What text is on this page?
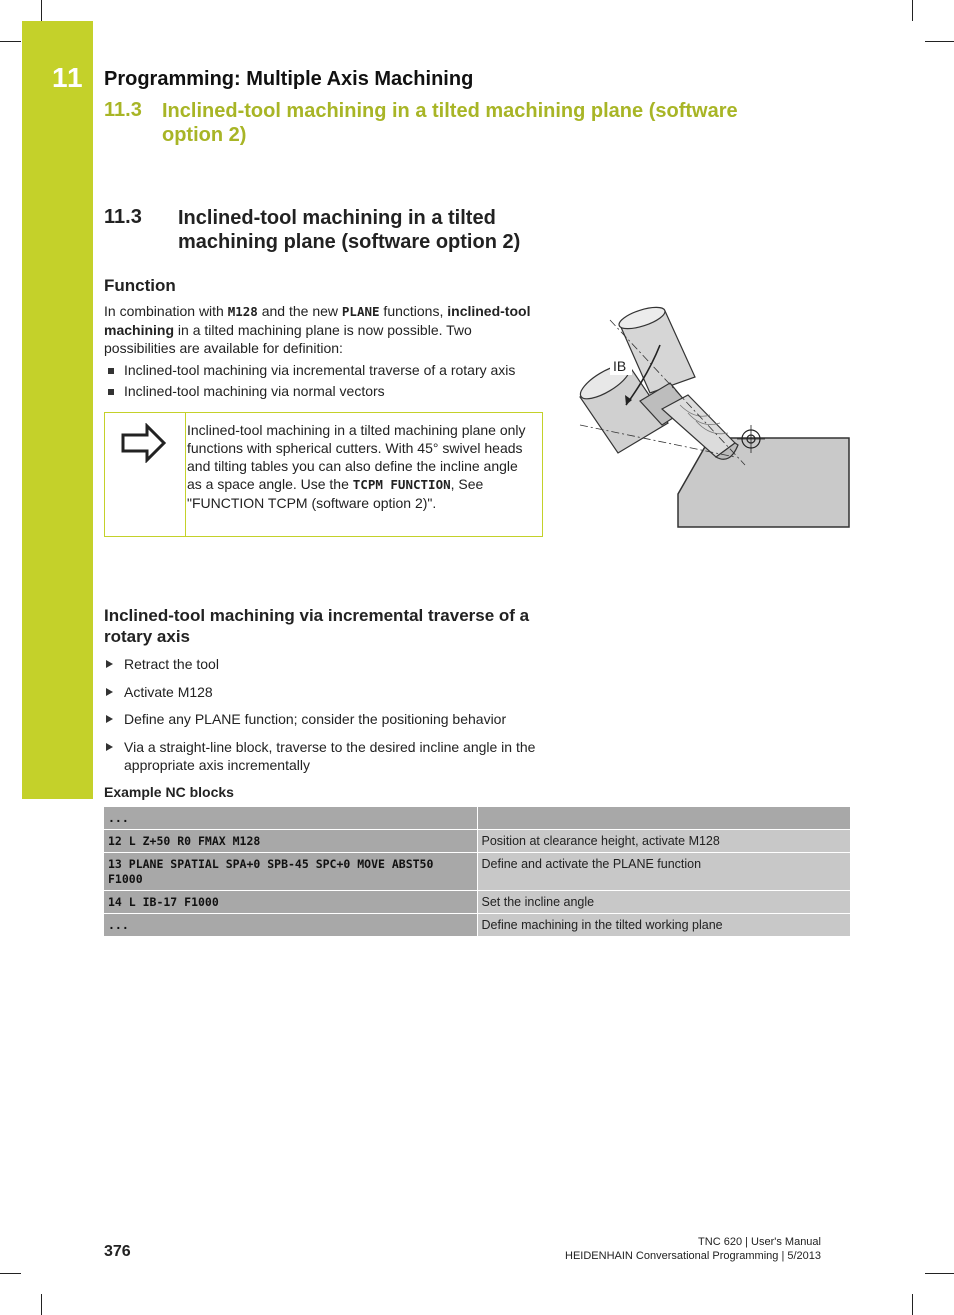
11 Programming: Multiple Axis Machining
11.3 Inclined-tool machining in a tilted machining plane (software option 2)
11.3 Inclined-tool machining in a tilted machining plane (software option 2)
Function

In combination with M128 and the new PLANE functions, inclined-tool machining in a tilted machining plane is now possible. Two possibilities are available for definition:

Inclined-tool machining via incremental traverse of a rotary axis
Inclined-tool machining via normal vectors

Inclined-tool machining in a tilted machining plane only functions with spherical cutters. With 45° swivel heads and tilting tables you can also define the incline angle as a space angle. Use the TCPM FUNCTION, See "FUNCTION TCPM (software option 2)".

IB
Inclined-tool machining via incremental traverse of a rotary axis
Retract the tool
Activate M128
Define any PLANE function; consider the positioning behavior
Via a straight-line block, traverse to the desired incline angle in the appropriate axis incrementally
Example NC blocks
...	
12 L Z+50 R0 FMAX M128	Position at clearance height, activate M128
13 PLANE SPATIAL SPA+0 SPB-45 SPC+0 MOVE ABST50 F1000	Define and activate the PLANE function
14 L IB-17 F1000	Set the incline angle
...	Define machining in the tilted working plane
376
TNC 620 | User's Manual
HEIDENHAIN Conversational Programming | 5/2013
